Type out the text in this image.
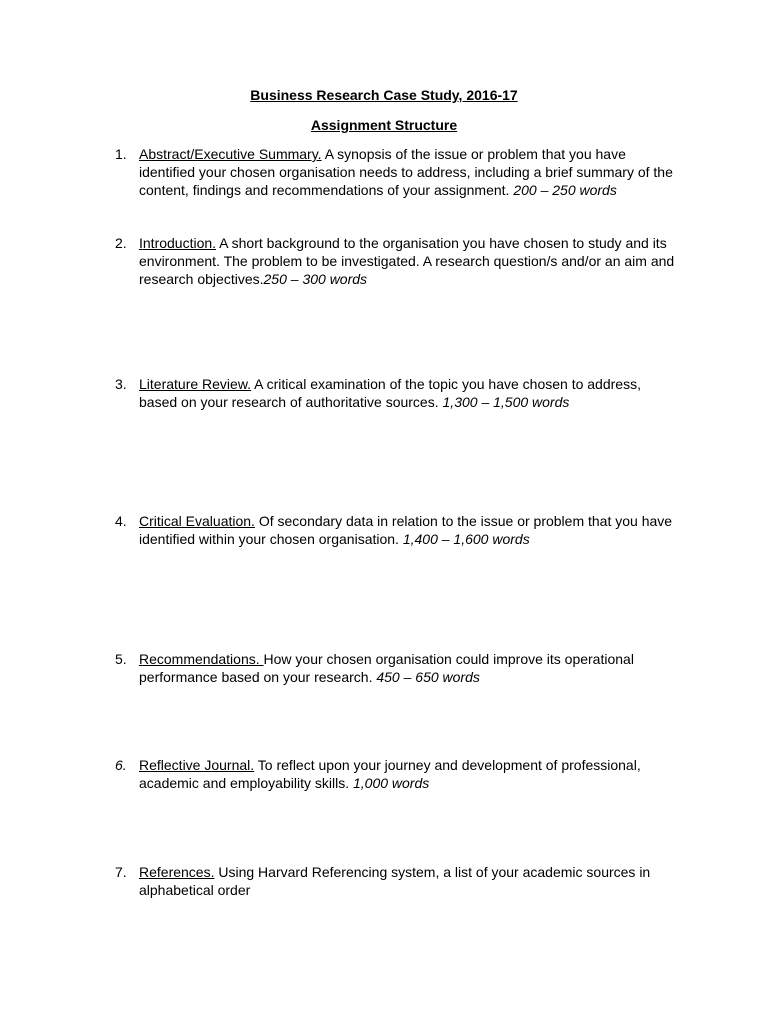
Business Research Case Study, 2016-17
Assignment Structure
1. Abstract/Executive Summary. A synopsis of the issue or problem that you have identified your chosen organisation needs to address, including a brief summary of the content, findings and recommendations of your assignment. 200 – 250 words
2. Introduction. A short background to the organisation you have chosen to study and its environment. The problem to be investigated. A research question/s and/or an aim and research objectives.250 – 300 words
3. Literature Review. A critical examination of the topic you have chosen to address, based on your research of authoritative sources. 1,300 – 1,500 words
4. Critical Evaluation. Of secondary data in relation to the issue or problem that you have identified within your chosen organisation. 1,400 – 1,600 words
5. Recommendations. How your chosen organisation could improve its operational performance based on your research. 450 – 650 words
6. Reflective Journal. To reflect upon your journey and development of professional, academic and employability skills. 1,000 words
7. References. Using Harvard Referencing system, a list of your academic sources in alphabetical order
